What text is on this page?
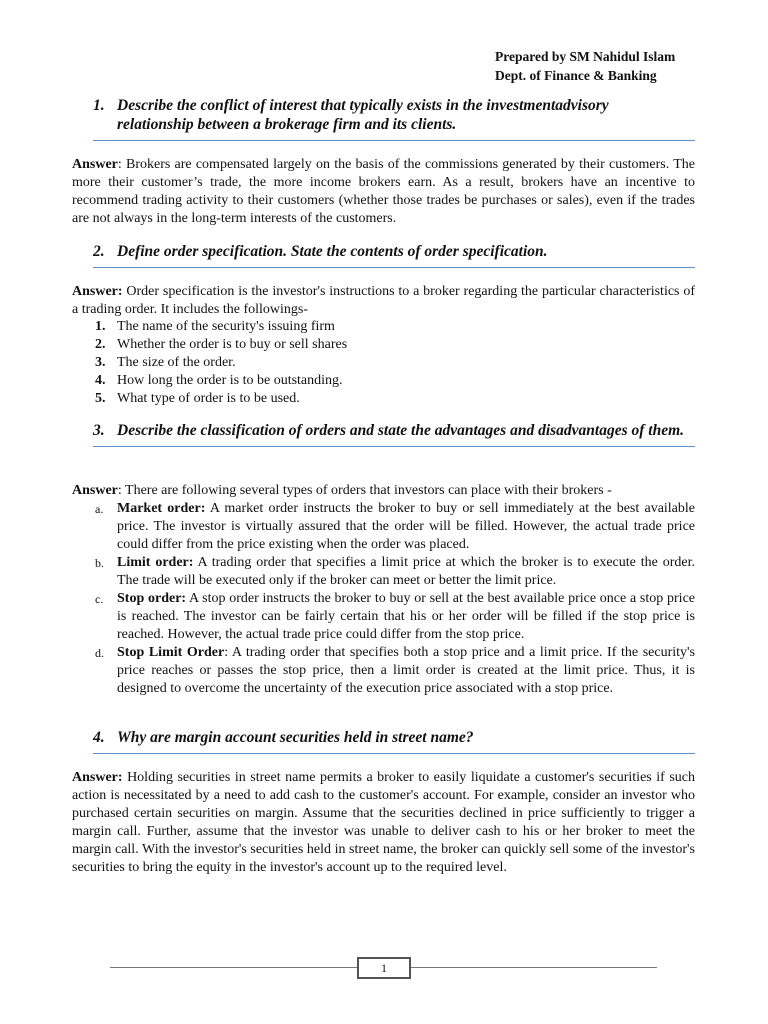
Prepared by SM Nahidul Islam
Dept. of Finance & Banking
1. Describe the conflict of interest that typically exists in the investmentadvisory relationship between a brokerage firm and its clients.
Answer: Brokers are compensated largely on the basis of the commissions generated by their customers. The more their customer’s trade, the more income brokers earn. As a result, brokers have an incentive to recommend trading activity to their customers (whether those trades be purchases or sales), even if the trades are not always in the long-term interests of the customers.
2. Define order specification. State the contents of order specification.
Answer: Order specification is the investor's instructions to a broker regarding the particular characteristics of a trading order. It includes the followings-
1. The name of the security's issuing firm
2. Whether the order is to buy or sell shares
3. The size of the order.
4. How long the order is to be outstanding.
5. What type of order is to be used.
3. Describe the classification of orders and state the advantages and disadvantages of them.
Answer: There are following several types of orders that investors can place with their brokers -
a. Market order: A market order instructs the broker to buy or sell immediately at the best available price. The investor is virtually assured that the order will be filled. However, the actual trade price could differ from the price existing when the order was placed.
b. Limit order: A trading order that specifies a limit price at which the broker is to execute the order. The trade will be executed only if the broker can meet or better the limit price.
c. Stop order: A stop order instructs the broker to buy or sell at the best available price once a stop price is reached. The investor can be fairly certain that his or her order will be filled if the stop price is reached. However, the actual trade price could differ from the stop price.
d. Stop Limit Order: A trading order that specifies both a stop price and a limit price. If the security's price reaches or passes the stop price, then a limit order is created at the limit price. Thus, it is designed to overcome the uncertainty of the execution price associated with a stop price.
4. Why are margin account securities held in street name?
Answer: Holding securities in street name permits a broker to easily liquidate a customer's securities if such action is necessitated by a need to add cash to the customer's account. For example, consider an investor who purchased certain securities on margin. Assume that the securities declined in price sufficiently to trigger a margin call. Further, assume that the investor was unable to deliver cash to his or her broker to meet the margin call. With the investor's securities held in street name, the broker can quickly sell some of the investor's securities to bring the equity in the investor's account up to the required level.
1
